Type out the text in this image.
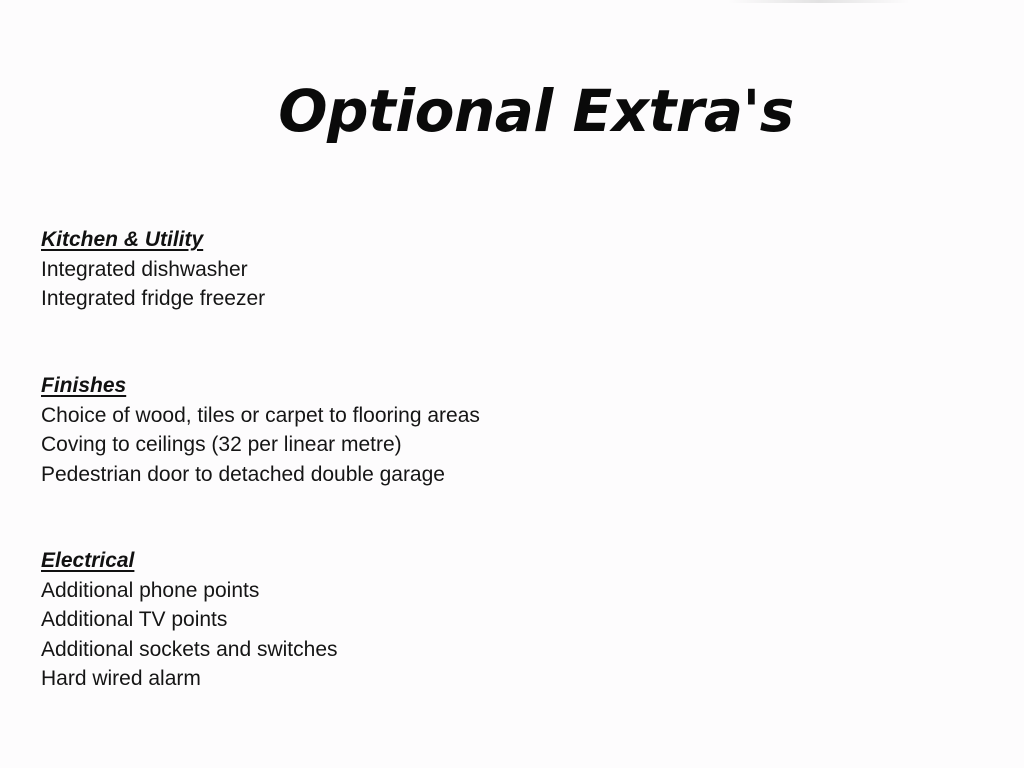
Optional Extra's
Kitchen & Utility
Integrated dishwasher
Integrated fridge freezer
Finishes
Choice of wood, tiles or carpet to flooring areas
Coving to ceilings (32 per linear metre)
Pedestrian door to detached double garage
Electrical
Additional phone points
Additional TV points
Additional sockets and switches
Hard wired alarm
